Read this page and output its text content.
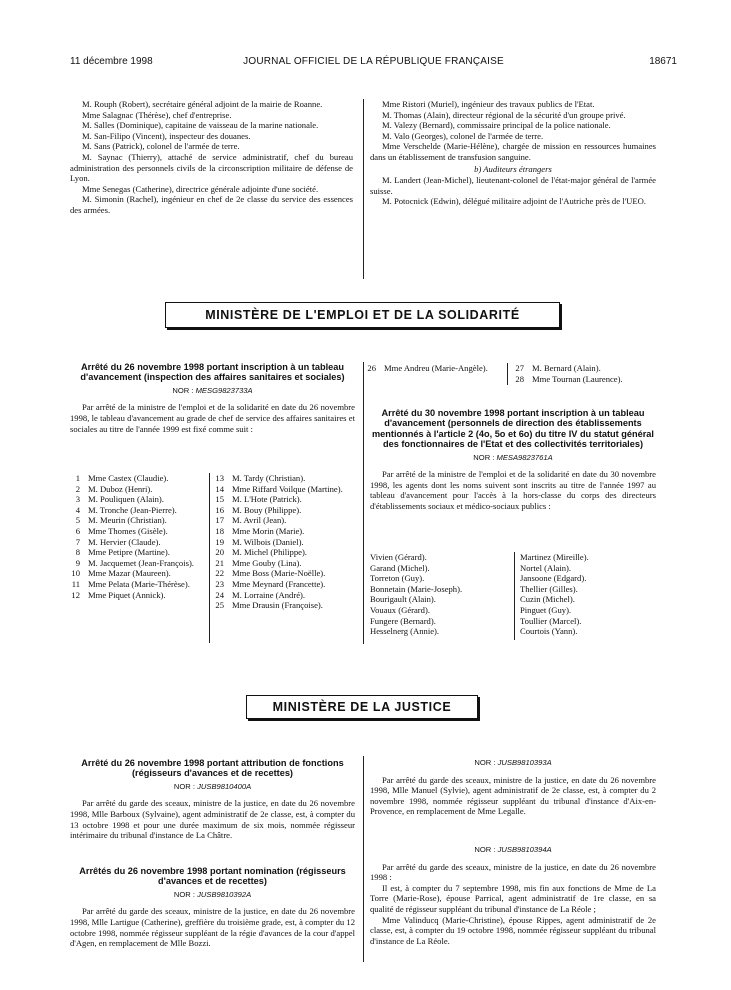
11 décembre 1998	JOURNAL OFFICIEL DE LA RÉPUBLIQUE FRANÇAISE	18671

M. Rouph (Robert), secrétaire général adjoint de la mairie de Roanne.

Mme Salagnac (Thérèse), chef d'entreprise.

M. Salles (Dominique), capitaine de vaisseau de la marine nationale.

M. San-Filipo (Vincent), inspecteur des douanes.

M. Sans (Patrick), colonel de l'armée de terre.

M. Saynac (Thierry), attaché de service administratif, chef du bureau administration des personnels civils de la circonscription militaire de défense de Lyon.

Mme Senegas (Catherine), directrice générale adjointe d'une société.

M. Simonin (Rachel), ingénieur en chef de 2e classe du service des essences des armées.

Mme Ristori (Muriel), ingénieur des travaux publics de l'Etat.

M. Thomas (Alain), directeur régional de la sécurité d'un groupe privé.

M. Valezy (Bernard), commissaire principal de la police nationale.

M. Valo (Georges), colonel de l'armée de terre.

Mme Verschelde (Marie-Hélène), chargée de mission en ressources humaines dans un établissement de transfusion sanguine.

b) Auditeurs étrangers

M. Landert (Jean-Michel), lieutenant-colonel de l'état-major général de l'armée suisse.

M. Potocnick (Edwin), délégué militaire adjoint de l'Autriche près de l'UEO.

MINISTÈRE DE L'EMPLOI ET DE LA SOLIDARITÉ
Arrêté du 26 novembre 1998 portant inscription à un tableau d'avancement (inspection des affaires sanitaires et sociales)
NOR : MESG9823733A

Par arrêté de la ministre de l'emploi et de la solidarité en date du 26 novembre 1998, le tableau d'avancement au grade de chef de service des affaires sanitaires et sociales au titre de l'année 1999 est fixé comme suit :

1 Mme Castex (Claudie).
2 M. Duboz (Henri).
3 M. Pouliquen (Alain).
4 M. Tronche (Jean-Pierre).
5 M. Meurin (Christian).
6 Mme Thomes (Gisèle).
7 M. Hervier (Claude).
8 Mme Petipre (Martine).
9 M. Jacquemet (Jean-François).
10 Mme Mazar (Maureen).
11 Mme Pelata (Marie-Thérèse).
12 Mme Piquet (Annick).
13 M. Tardy (Christian).
14 Mme Riffard Voilque (Martine).
15 M. L'Hote (Patrick).
16 M. Bouy (Philippe).
17 M. Avril (Jean).
18 Mme Morin (Marie).
19 M. Wilbois (Daniel).
20 M. Michel (Philippe).
21 Mme Gouby (Lina).
22 Mme Boss (Marie-Noëlle).
23 Mme Meynard (Francette).
24 M. Lorraine (André).
25 Mme Drausin (Françoise).
26 Mme Andreu (Marie-Angèle).	27 M. Bernard (Alain).
28 Mme Tournan (Laurence).
Arrêté du 30 novembre 1998 portant inscription à un tableau d'avancement (personnels de direction des établissements mentionnés à l'article 2 (4o, 5o et 6o) du titre IV du statut général des fonctionnaires de l'Etat et des collectivités territoriales)
NOR : MESA9823761A

Par arrêté de la ministre de l'emploi et de la solidarité en date du 30 novembre 1998, les agents dont les noms suivent sont inscrits au titre de l'année 1997 au tableau d'avancement pour l'accès à la hors-classe du corps des directeurs d'établissements sociaux et médico-sociaux publics :

Vivien (Gérard).
Garand (Michel).
Torreton (Guy).
Bonnetain (Marie-Joseph).
Bourigault (Alain).
Vouaux (Gérard).
Fungere (Bernard).
Hesselnerg (Annie).
Martinez (Mireille).
Nortel (Alain).
Jansoone (Edgard).
Thellier (Gilles).
Cuzin (Michel).
Pinguet (Guy).
Toullier (Marcel).
Courtois (Yann).
MINISTÈRE DE LA JUSTICE
Arrêté du 26 novembre 1998 portant attribution de fonctions (régisseurs d'avances et de recettes)
NOR : JUSB9810400A

Par arrêté du garde des sceaux, ministre de la justice, en date du 26 novembre 1998, Mlle Barboux (Sylvaine), agent administratif de 2e classe, est, à compter du 13 octobre 1998 et pour une durée maximum de six mois, nommée régisseur intérimaire du tribunal d'instance de La Châtre.

Arrêtés du 26 novembre 1998 portant nomination (régisseurs d'avances et de recettes)
NOR : JUSB9810392A

Par arrêté du garde des sceaux, ministre de la justice, en date du 26 novembre 1998, Mlle Lartigue (Catherine), greffière du troisième grade, est, à compter du 12 octobre 1998, nommée régisseur suppléant de la régie d'avances de la cour d'appel d'Agen, en remplacement de Mlle Bozzi.

NOR : JUSB9810393A

Par arrêté du garde des sceaux, ministre de la justice, en date du 26 novembre 1998, Mlle Manuel (Sylvie), agent administratif de 2e classe, est, à compter du 2 novembre 1998, nommée régisseur suppléant du tribunal d'instance d'Aix-en-Provence, en remplacement de Mme Legalle.

NOR : JUSB9810394A

Par arrêté du garde des sceaux, ministre de la justice, en date du 26 novembre 1998 :

Il est, à compter du 7 septembre 1998, mis fin aux fonctions de Mme de La Torre (Marie-Rose), épouse Parrical, agent administratif de 1re classe, en sa qualité de régisseur suppléant du tribunal d'instance de La Réole ;

Mme Valinducq (Marie-Christine), épouse Rippes, agent administratif de 2e classe, est, à compter du 19 octobre 1998, nommée régisseur suppléant du tribunal d'instance de La Réole.
